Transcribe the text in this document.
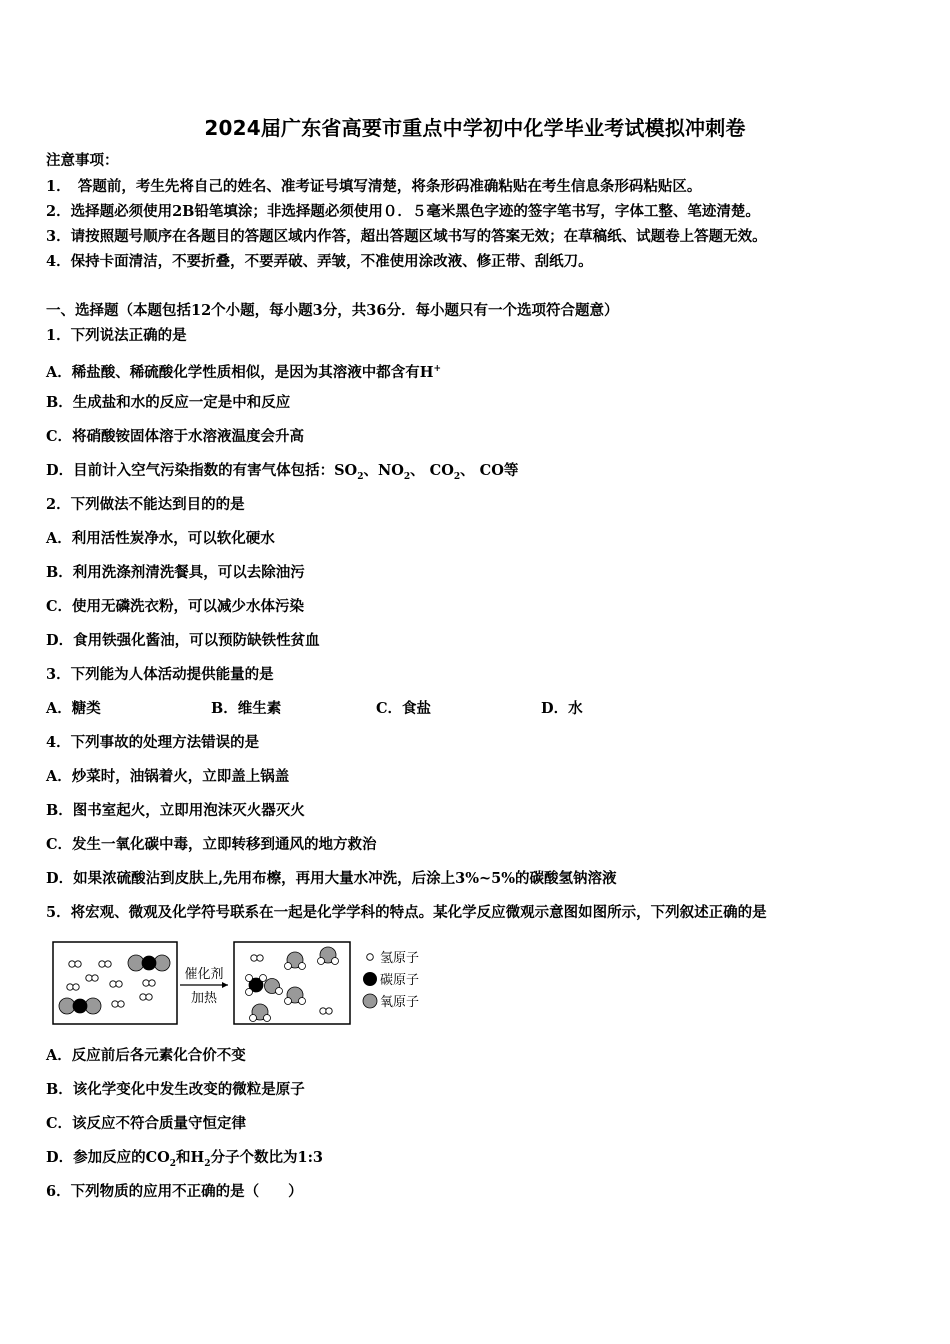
2024届广东省高要市重点中学初中化学毕业考试模拟冲刺卷
注意事项：
1．　答题前，考生先将自己的姓名、准考证号填写清楚，将条形码准确粘贴在考生信息条形码粘贴区。
2．选择题必须使用2B铅笔填涂；非选择题必须使用０．５毫米黑色字迹的签字笔书写，字体工整、笔迹清楚。
3．请按照题号顺序在各题目的答题区域内作答，超出答题区域书写的答案无效；在草稿纸、试题卷上答题无效。
4．保持卡面清洁，不要折叠，不要弄破、弄皱，不准使用涂改液、修正带、刮纸刀。
一、选择题（本题包括12个小题，每小题3分，共36分．每小题只有一个选项符合题意）
1．下列说法正确的是
A．稀盐酸、稀硫酸化学性质相似，是因为其溶液中都含有H+
B．生成盐和水的反应一定是中和反应
C．将硝酸铵固体溶于水溶液温度会升高
D．目前计入空气污染指数的有害气体包括：$SO_2$、$NO_2$、 $CO_2$、 CO等
2．下列做法不能达到目的的是
A．利用活性炭净水，可以软化硬水
B．利用洗涤剂清洗餐具，可以去除油污
C．使用无磷洗衣粉，可以减少水体污染
D．食用铁强化酱油，可以预防缺铁性贫血
3．下列能为人体活动提供能量的是
A．糖类	B．维生素	C．食盐	D．水
4．下列事故的处理方法错误的是
A．炒菜时，油锅着火，立即盖上锅盖
B．图书室起火，立即用泡沫灭火器灭火
C．发生一氧化碳中毒，立即转移到通风的地方救治
D．如果浓硫酸沾到皮肤上,先用布檫，再用大量水冲洗，后涂上3%~5%的碳酸氢钠溶液
5．将宏观、微观及化学符号联系在一起是化学学科的特点。某化学反应微观示意图如图所示，下列叙述正确的是
催化剂
加热
氢原子
碳原子
氧原子
A．反应前后各元素化合价不变
B．该化学变化中发生改变的微粒是原子
C．该反应不符合质量守恒定律
D．参加反应的$CO_2$和$H_2$分子个数比为1:3
6．下列物质的应用不正确的是（　　）
